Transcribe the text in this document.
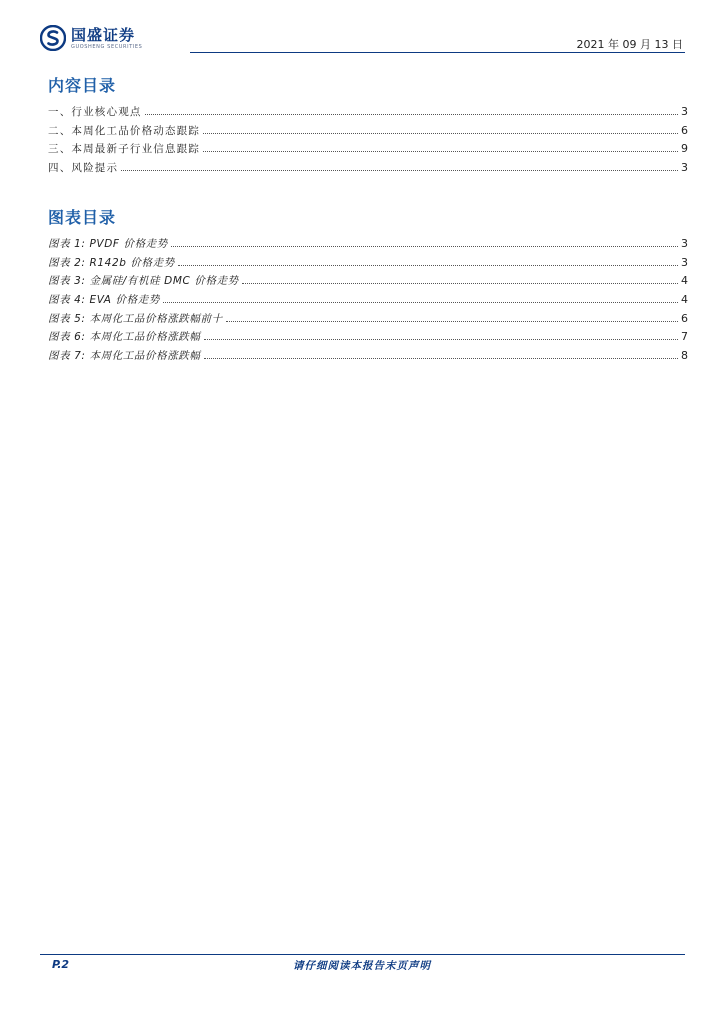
国盛证券
GUOSHENG SECURITIES	2021 年 09 月 13 日
内容目录
一、行业核心观点	3
二、本周化工品价格动态跟踪	6
三、本周最新子行业信息跟踪	9
四、风险提示	3
图表目录
图表 1: PVDF 价格走势	3
图表 2: R142b 价格走势	3
图表 3: 金属硅/有机硅 DMC 价格走势	4
图表 4: EVA 价格走势	4
图表 5: 本周化工品价格涨跌幅前十	6
图表 6: 本周化工品价格涨跌幅	7
图表 7: 本周化工品价格涨跌幅	8
P.2	请仔细阅读本报告末页声明
